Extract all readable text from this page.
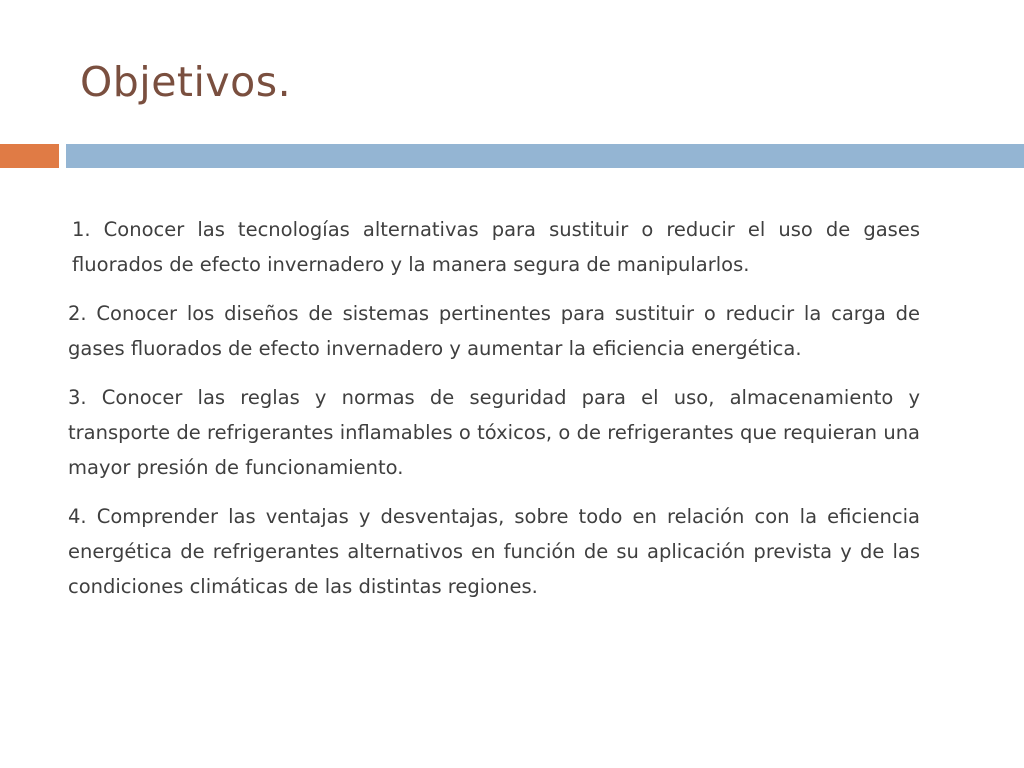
Objetivos.

1. Conocer las tecnologías alternativas para sustituir o reducir el uso de gases fluorados de efecto invernadero y la manera segura de manipularlos.

2. Conocer los diseños de sistemas pertinentes para sustituir o reducir la carga de gases fluorados de efecto invernadero y aumentar la eficiencia energética.

3. Conocer las reglas y normas de seguridad para el uso, almacenamiento y transporte de refrigerantes inflamables o tóxicos, o de refrigerantes que requieran una mayor presión de funcionamiento.

4. Comprender las ventajas y desventajas, sobre todo en relación con la eficiencia energética de refrigerantes alternativos en función de su aplicación prevista y de las condiciones climáticas de las distintas regiones.
